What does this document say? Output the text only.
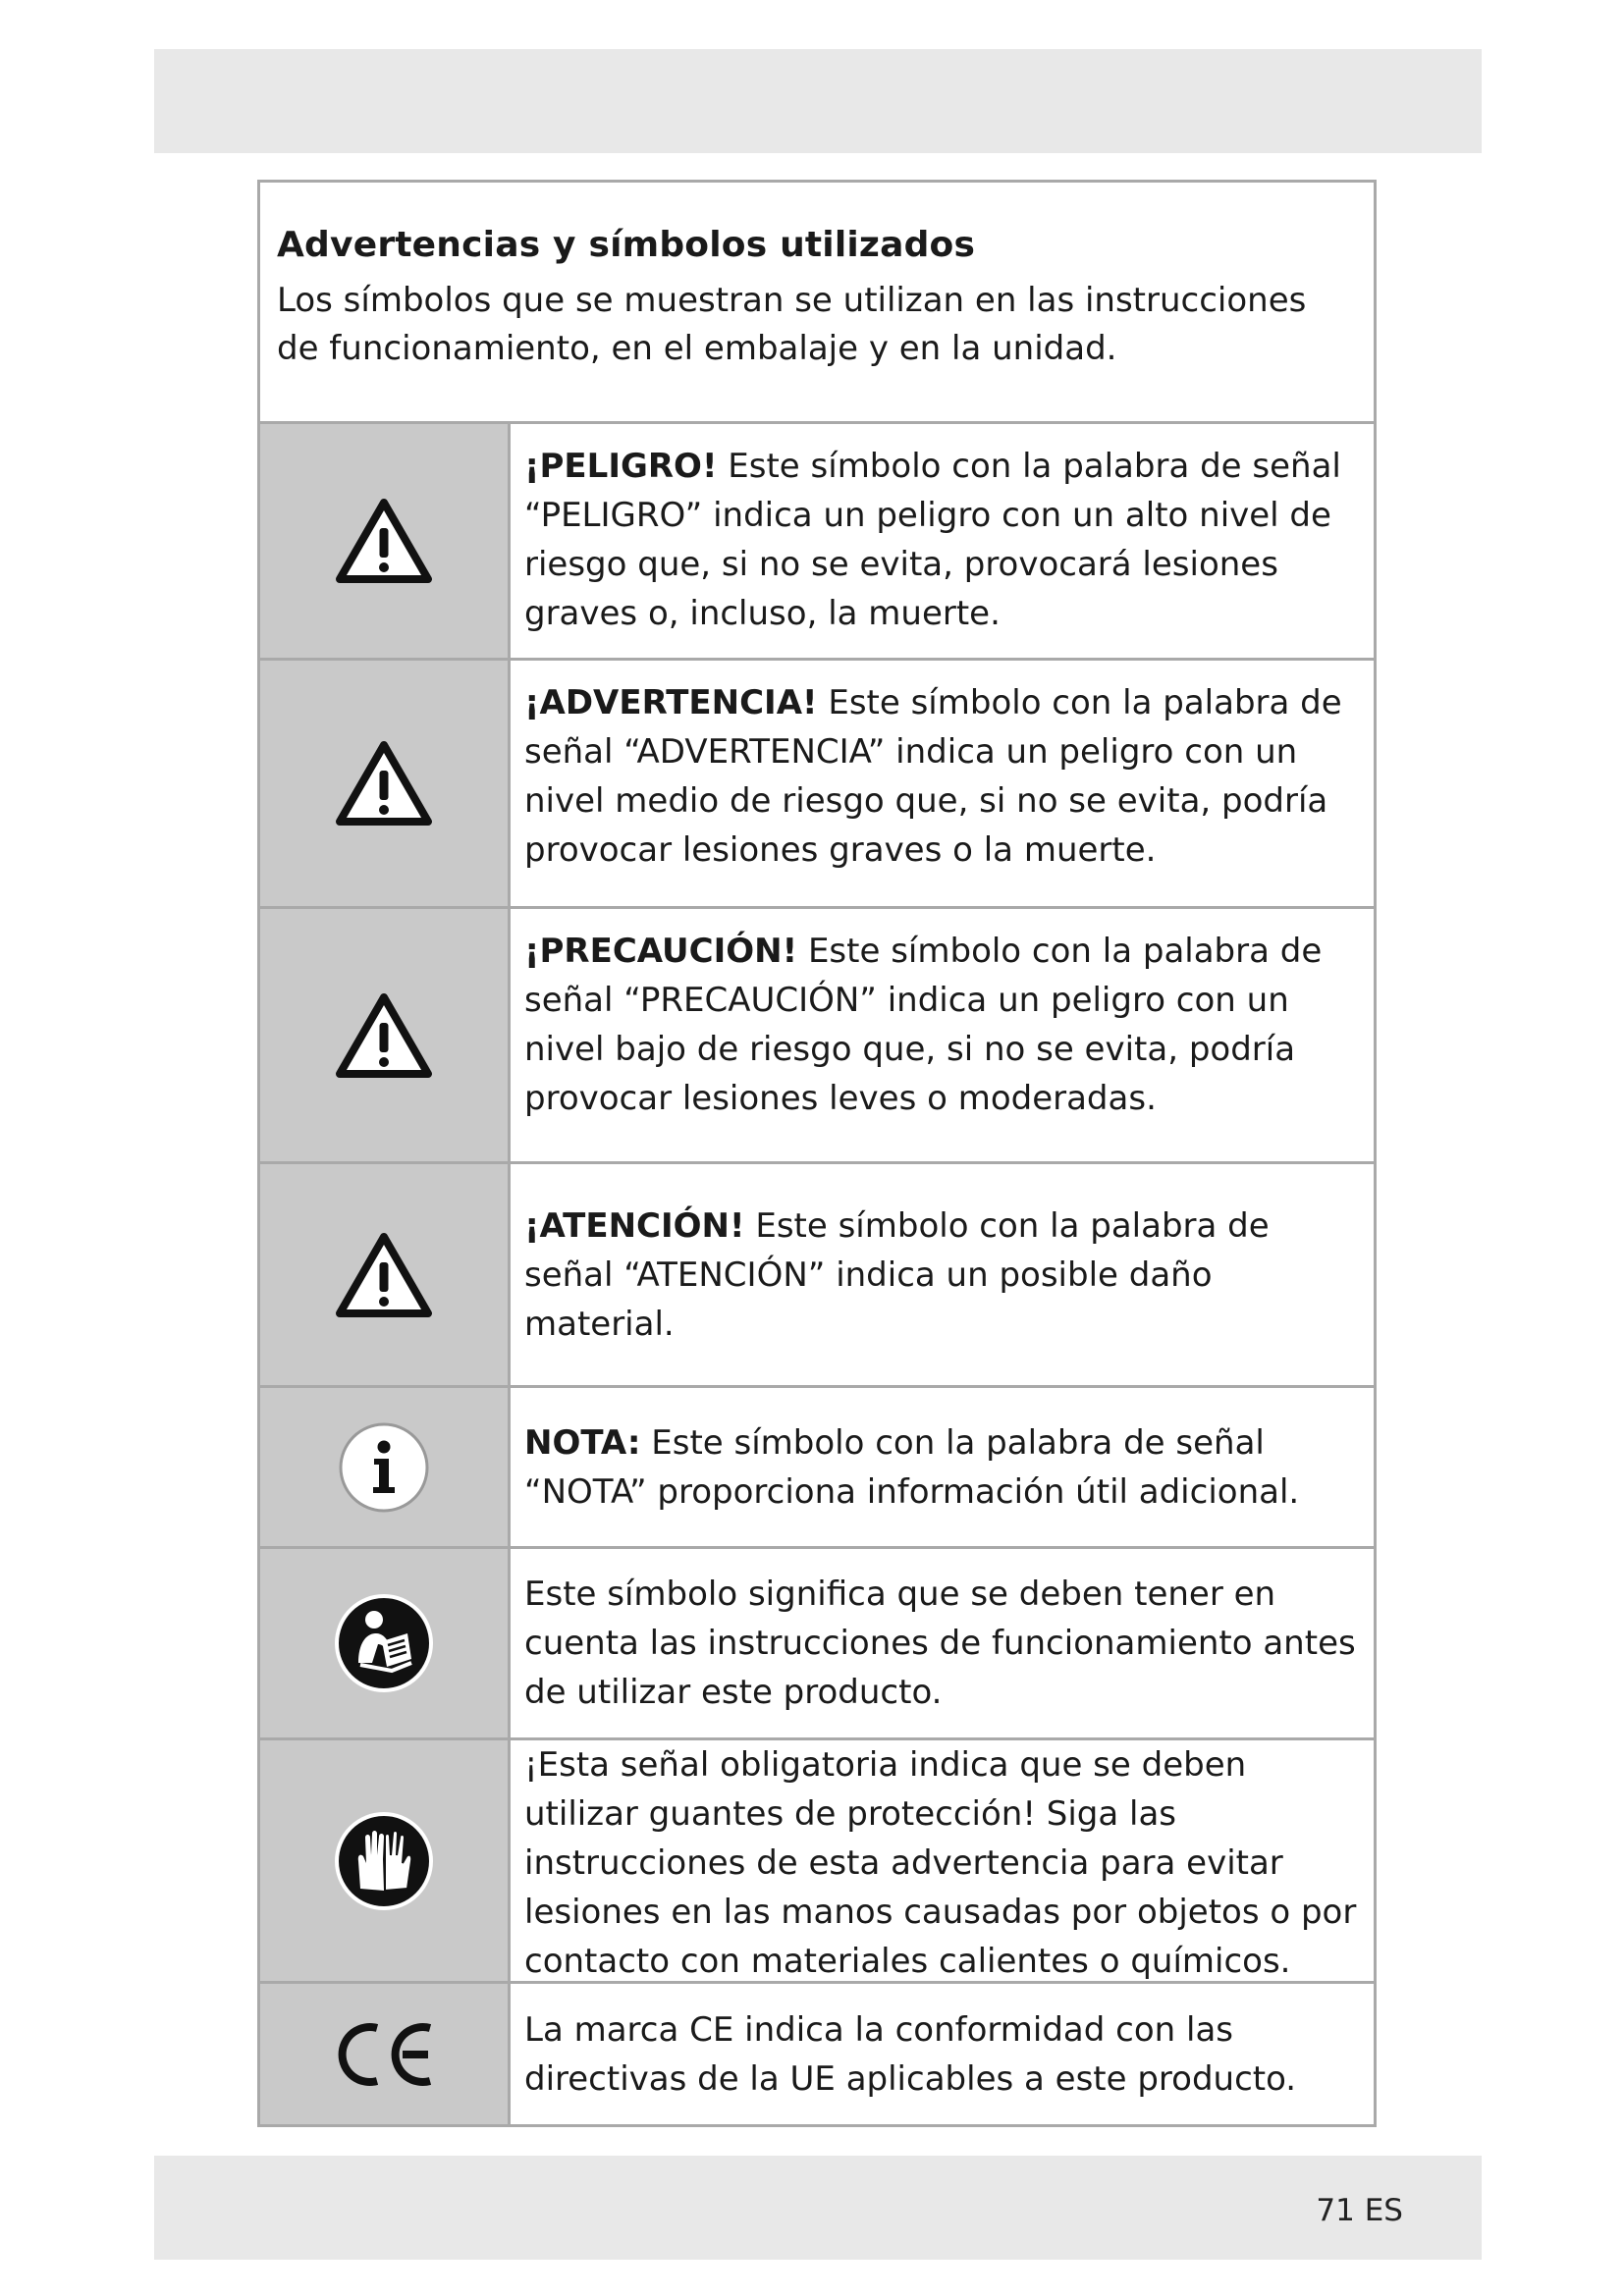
Advertencias y símbolos utilizados

Los símbolos que se muestran se utilizan en las instrucciones de funcionamiento, en el embalaje y en la unidad.

¡PELIGRO! Este símbolo con la palabra de señal “PELIGRO” indica un peligro con un alto nivel de riesgo que, si no se evita, provocará lesiones graves o, incluso, la muerte.

¡ADVERTENCIA! Este símbolo con la palabra de señal “ADVERTENCIA” indica un peligro con un nivel medio de riesgo que, si no se evita, podría provocar lesiones graves o la muerte.

¡PRECAUCIÓN! Este símbolo con la palabra de señal “PRECAUCIÓN” indica un peligro con un nivel bajo de riesgo que, si no se evita, podría provocar lesiones leves o moderadas.

¡ATENCIÓN! Este símbolo con la palabra de señal “ATENCIÓN” indica un posible daño material.

NOTA: Este símbolo con la palabra de señal “NOTA” proporciona información útil adicional.

Este símbolo significa que se deben tener en cuenta las instrucciones de funcionamiento antes de utilizar este producto.

¡Esta señal obligatoria indica que se deben utilizar guantes de protección! Siga las instrucciones de esta advertencia para evitar lesiones en las manos causadas por objetos o por contacto con materiales calientes o químicos.

La marca CE indica la conformidad con las directivas de la UE aplicables a este producto.

71 ES
